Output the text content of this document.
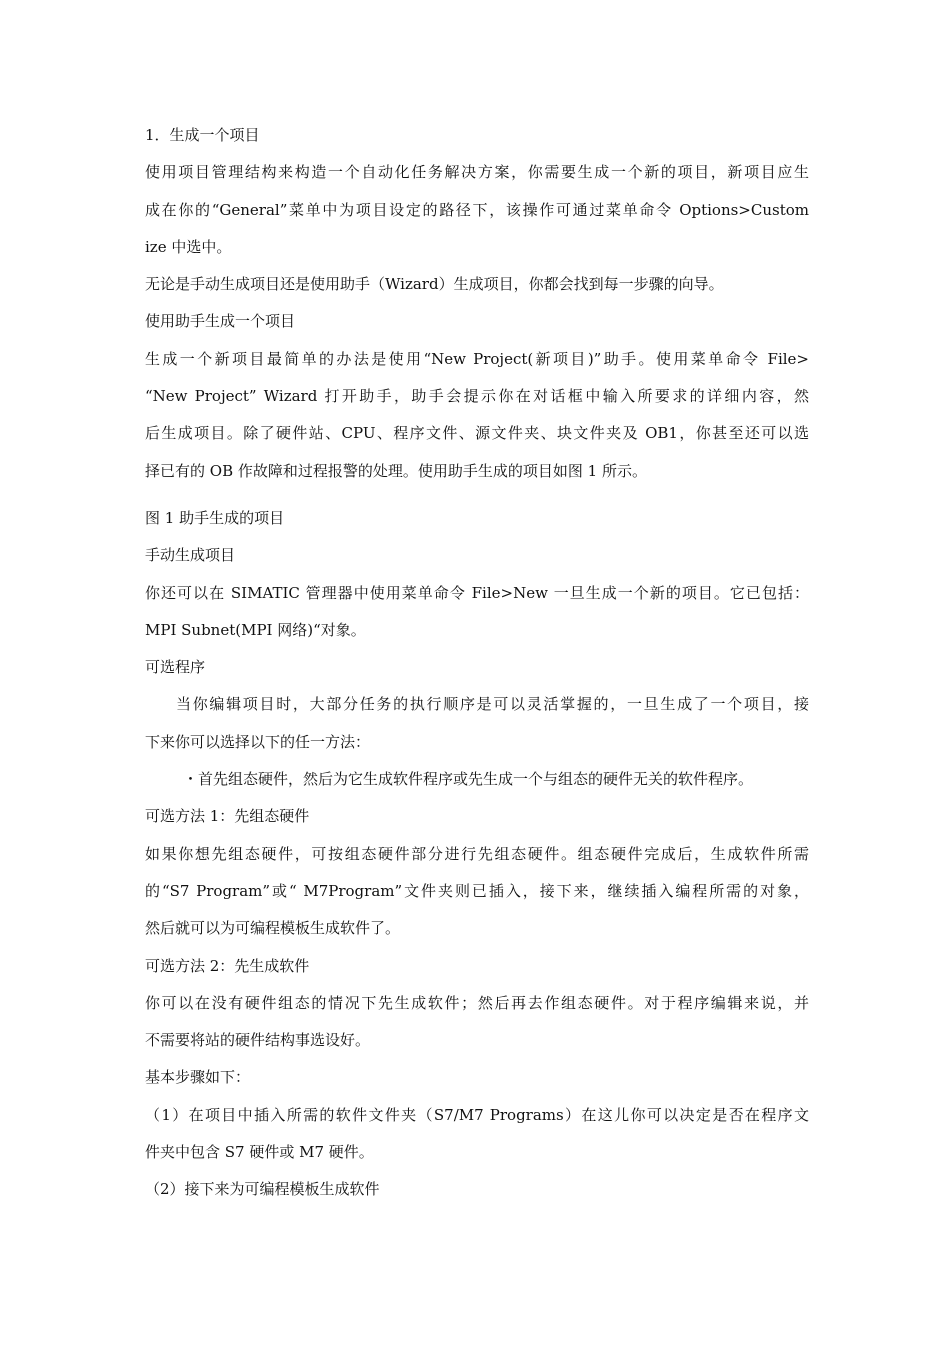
1．生成一个项目
使用项目管理结构来构造一个自动化任务解决方案，你需要生成一个新的项目，新项目应生
成在你的“General”菜单中为项目设定的路径下，该操作可通过菜单命令 Options>Custom
ize 中选中。
无论是手动生成项目还是使用助手（Wizard）生成项目，你都会找到每一步骤的向导。
使用助手生成一个项目
生成一个新项目最简单的办法是使用“New Project(新项目)”助手。使用菜单命令 File>
“New Project” Wizard 打开助手，助手会提示你在对话框中输入所要求的详细内容，然
后生成项目。除了硬件站、CPU、程序文件、源文件夹、块文件夹及 OB1，你甚至还可以选
择已有的 OB 作故障和过程报警的处理。使用助手生成的项目如图 1 所示。
图 1 助手生成的项目
手动生成项目
你还可以在 SIMATIC 管理器中使用菜单命令 File>New 一旦生成一个新的项目。它已包括：
MPI Subnet(MPI 网络)“对象。
可选程序
当你编辑项目时，大部分任务的执行顺序是可以灵活掌握的，一旦生成了一个项目，接
下来你可以选择以下的任一方法：
・首先组态硬件，然后为它生成软件程序或先生成一个与组态的硬件无关的软件程序。
可选方法 1：先组态硬件
如果你想先组态硬件，可按组态硬件部分进行先组态硬件。组态硬件完成后，生成软件所需
的“S7 Program”或“ M7Program”文件夹则已插入，接下来，继续插入编程所需的对象，
然后就可以为可编程模板生成软件了。
可选方法 2：先生成软件
你可以在没有硬件组态的情况下先生成软件；然后再去作组态硬件。对于程序编辑来说，并
不需要将站的硬件结构事选设好。
基本步骤如下：
（1）在项目中插入所需的软件文件夹（S7/M7 Programs）在这儿你可以决定是否在程序文
件夹中包含 S7 硬件或 M7 硬件。
（2）接下来为可编程模板生成软件
